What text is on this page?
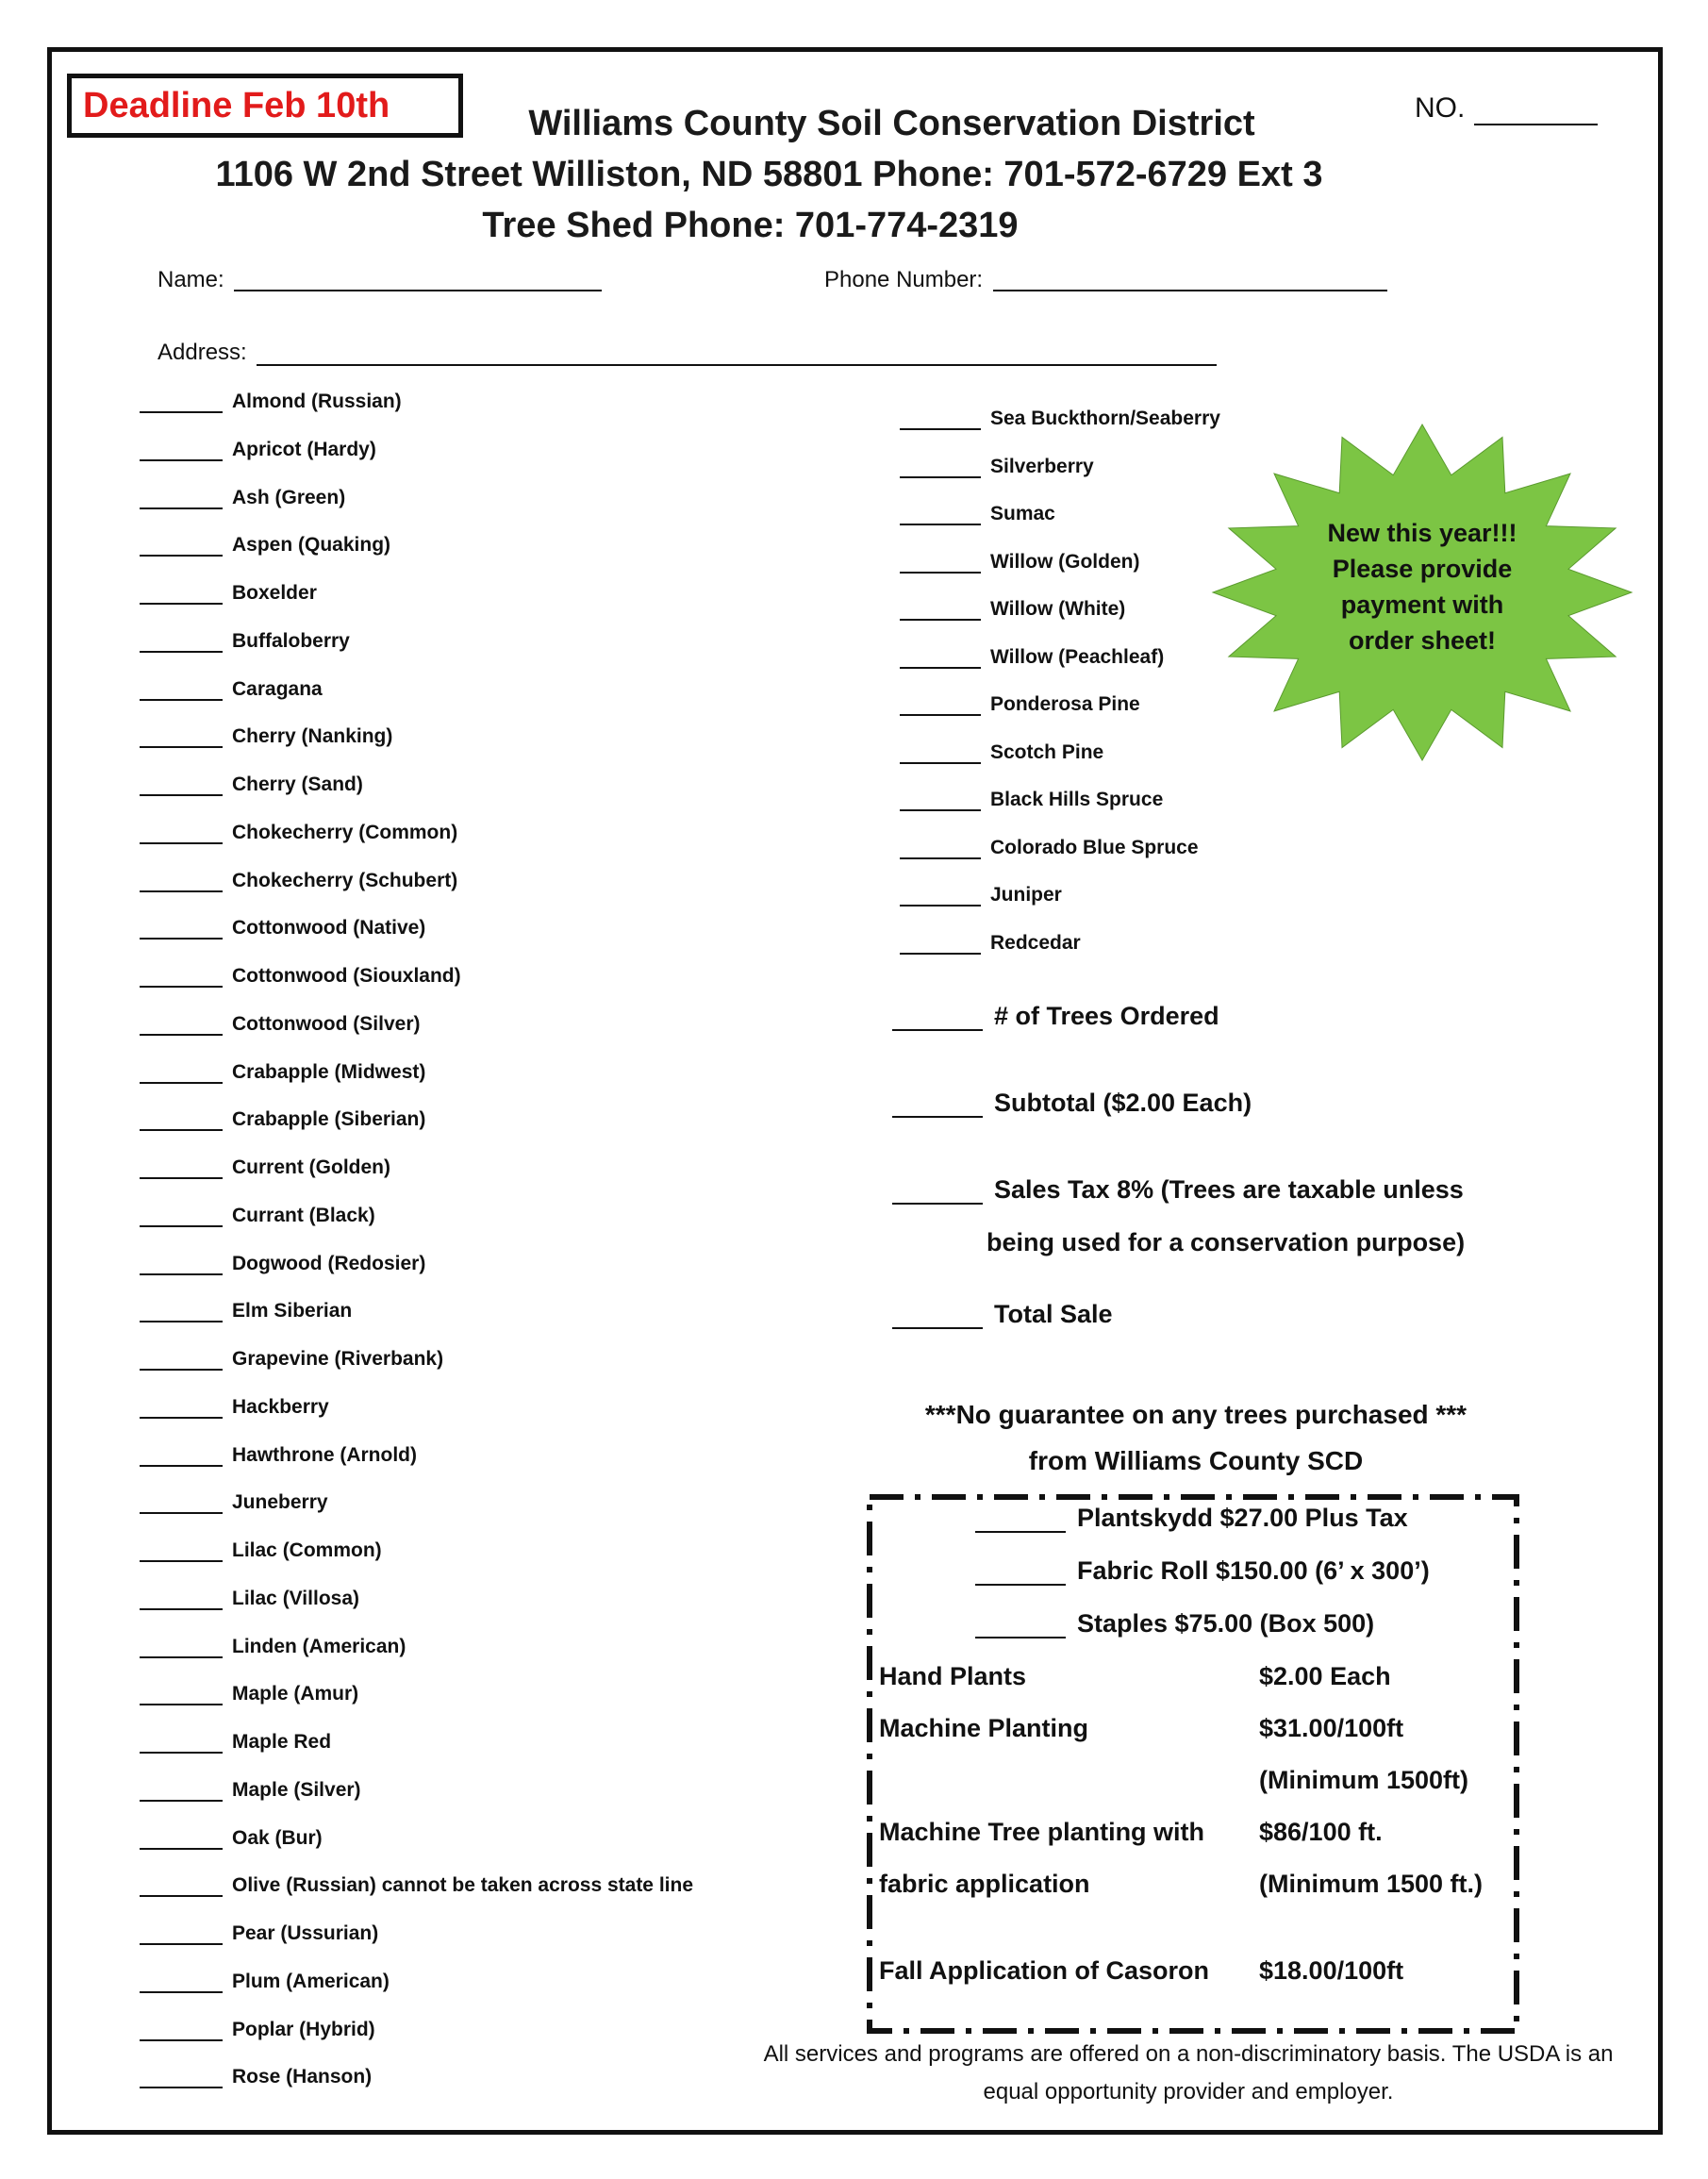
Deadline Feb 10th	NO.
Williams County Soil Conservation District
1106 W 2nd Street Williston, ND 58801 Phone: 701-572-6729 Ext 3
Tree Shed Phone: 701-774-2319
Name:	Phone Number:
Address:
Almond (Russian)
Apricot (Hardy)
Ash (Green)
Aspen (Quaking)
Boxelder
Buffaloberry
Caragana
Cherry (Nanking)
Cherry (Sand)
Chokecherry (Common)
Chokecherry (Schubert)
Cottonwood (Native)
Cottonwood (Siouxland)
Cottonwood (Silver)
Crabapple (Midwest)
Crabapple (Siberian)
Current (Golden)
Currant (Black)
Dogwood (Redosier)
Elm Siberian
Grapevine (Riverbank)
Hackberry
Hawthrone (Arnold)
Juneberry
Lilac (Common)
Lilac (Villosa)
Linden (American)
Maple (Amur)
Maple Red
Maple (Silver)
Oak (Bur)
Olive (Russian) cannot be taken across state line
Pear (Ussurian)
Plum (American)
Poplar (Hybrid)
Rose (Hanson)
Sea Buckthorn/Seaberry
Silverberry
Sumac
Willow (Golden)
Willow (White)
Willow (Peachleaf)
Ponderosa Pine
Scotch Pine
Black Hills Spruce
Colorado Blue Spruce
Juniper
Redcedar
New this year!!!
Please provide
payment with
order sheet!
# of Trees Ordered
Subtotal ($2.00 Each)
Sales Tax 8% (Trees are taxable unless
being used for a conservation purpose)
Total Sale
***No guarantee on any trees purchased ***
from Williams County SCD
Plantskydd $27.00 Plus Tax
Fabric Roll $150.00 (6’ x 300’)
Staples $75.00 (Box 500)
Hand Plants	$2.00 Each
Machine Planting	$31.00/100ft
(Minimum 1500ft)
Machine Tree planting with $86/100 ft.
fabric application	(Minimum 1500 ft.)
Fall Application of Casoron $18.00/100ft
All services and programs are offered on a non-discriminatory basis. The USDA is an
equal opportunity provider and employer.
